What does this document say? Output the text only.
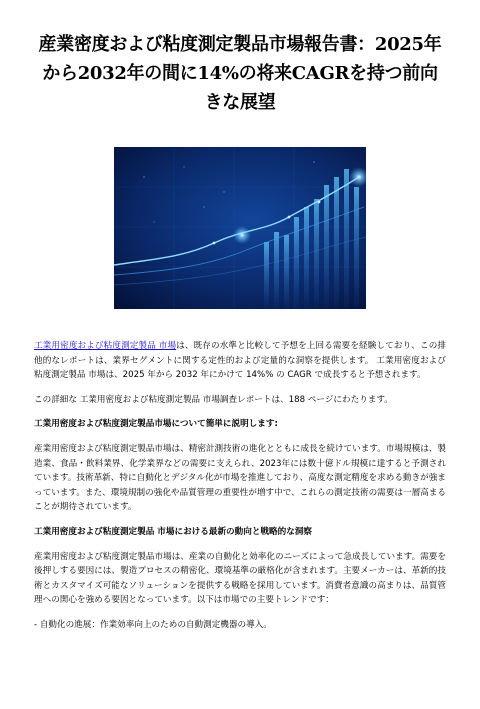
産業密度および粘度測定製品市場報告書：2025年から2032年の間に14%の将来CAGRを持つ前向きな展望

工業用密度および粘度測定製品 市場は、既存の水準と比較して予想を上回る需要を経験しており、この排他的なレポートは、業界セグメントに関する定性的および定量的な洞察を提供します。 工業用密度および粘度測定製品 市場は、2025 年から 2032 年にかけて 14%% の CAGR で成長すると予想されます。

この詳細な 工業用密度および粘度測定製品 市場調査レポートは、188 ページにわたります。

工業用密度および粘度測定製品市場について簡単に説明します:

産業用密度および粘度測定製品市場は、精密計測技術の進化とともに成長を続けています。市場規模は、製造業、食品・飲料業界、化学業界などの需要に支えられ、2023年には数十億ドル規模に達すると予測されています。技術革新、特に自動化とデジタル化が市場を推進しており、高度な測定精度を求める動きが強まっています。また、環境規制の強化や品質管理の重要性が増す中で、これらの測定技術の需要は一層高まることが期待されています。

工業用密度および粘度測定製品 市場における最新の動向と戦略的な洞察

産業用密度および粘度測定製品市場は、産業の自動化と効率化のニーズによって急成長しています。需要を後押しする要因には、製造プロセスの精密化、環境基準の厳格化が含まれます。主要メーカーは、革新的技術とカスタマイズ可能なソリューションを提供する戦略を採用しています。消費者意識の高まりは、品質管理への関心を強める要因となっています。以下は市場での主要トレンドです：

- 自動化の進展：作業効率向上のための自動測定機器の導入。
